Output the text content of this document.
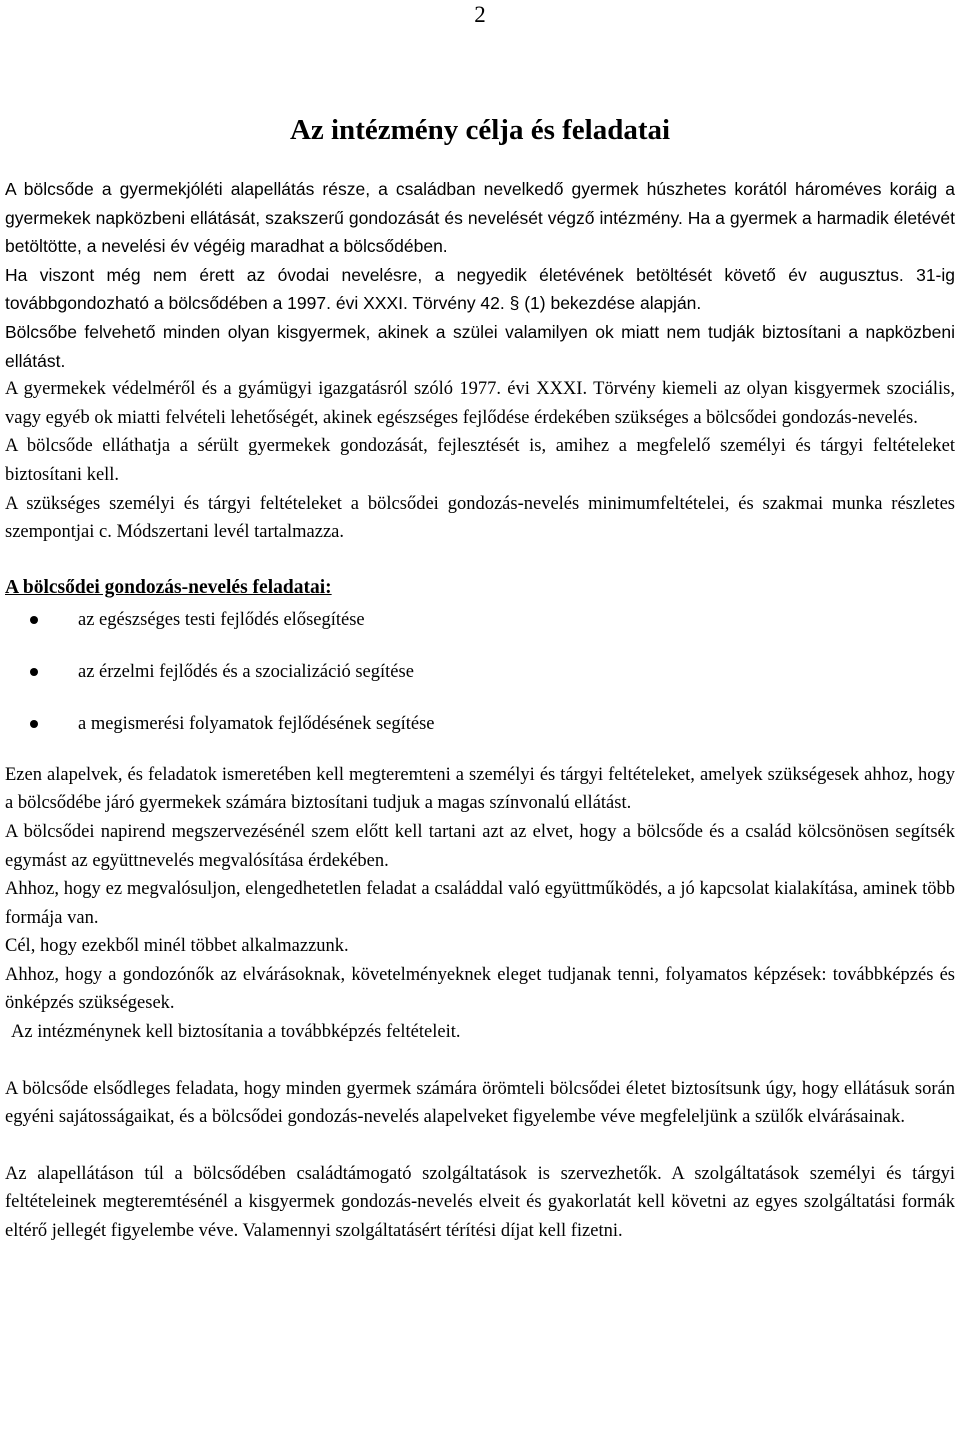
2
Az intézmény célja és feladatai

A bölcsőde a gyermekjóléti alapellátás része, a családban nevelkedő gyermek húszhetes korától hároméves koráig a gyermekek napközbeni ellátását, szakszerű gondozását és nevelését végző intézmény. Ha a gyermek a harmadik életévét betöltötte, a nevelési év végéig maradhat a bölcsődében.

Ha viszont még nem érett az óvodai nevelésre, a negyedik életévének betöltését követő év augusztus. 31-ig továbbgondozható a bölcsődében a 1997. évi XXXI. Törvény 42. § (1) bekezdése alapján.

Bölcsőbe felvehető minden olyan kisgyermek, akinek a szülei valamilyen ok miatt nem tudják biztosítani a napközbeni ellátást.

A gyermekek védelméről és a gyámügyi igazgatásról szóló 1977. évi XXXI. Törvény kiemeli az olyan kisgyermek szociális, vagy egyéb ok miatti felvételi lehetőségét, akinek egészséges fejlődése érdekében szükséges a bölcsődei gondozás-nevelés.

A bölcsőde elláthatja a sérült gyermekek gondozását, fejlesztését is, amihez a megfelelő személyi és tárgyi feltételeket biztosítani kell.

A szükséges személyi és tárgyi feltételeket a bölcsődei gondozás-nevelés minimumfeltételei, és szakmai munka részletes szempontjai c. Módszertani levél tartalmazza.

A bölcsődei gondozás-nevelés feladatai:
az egészséges testi fejlődés elősegítése
az érzelmi fejlődés és a szocializáció segítése
a megismerési folyamatok fejlődésének segítése

Ezen alapelvek, és feladatok ismeretében kell megteremteni a személyi és tárgyi feltételeket, amelyek szükségesek ahhoz, hogy a bölcsődébe járó gyermekek számára biztosítani tudjuk a magas színvonalú ellátást.

A bölcsődei napirend megszervezésénél szem előtt kell tartani azt az elvet, hogy a bölcsőde és a család kölcsönösen segítsék egymást az együttnevelés megvalósítása érdekében.

Ahhoz, hogy ez megvalósuljon, elengedhetetlen feladat a családdal való együttműködés, a jó kapcsolat kialakítása, aminek több formája van.

Cél, hogy ezekből minél többet alkalmazzunk.

Ahhoz, hogy a gondozónők az elvárásoknak, követelményeknek eleget tudjanak tenni, folyamatos képzések: továbbképzés és önképzés szükségesek.

Az intézménynek kell biztosítania a továbbképzés feltételeit.

A bölcsőde elsődleges feladata, hogy minden gyermek számára örömteli bölcsődei életet biztosítsunk úgy, hogy ellátásuk során egyéni sajátosságaikat, és a bölcsődei gondozás-nevelés alapelveket figyelembe véve megfeleljünk a szülők elvárásainak.

Az alapellátáson túl a bölcsődében családtámogató szolgáltatások is szervezhetők. A szolgáltatások személyi és tárgyi feltételeinek megteremtésénél a kisgyermek gondozás-nevelés elveit és gyakorlatát kell követni az egyes szolgáltatási formák eltérő jellegét figyelembe véve. Valamennyi szolgáltatásért térítési díjat kell fizetni.
